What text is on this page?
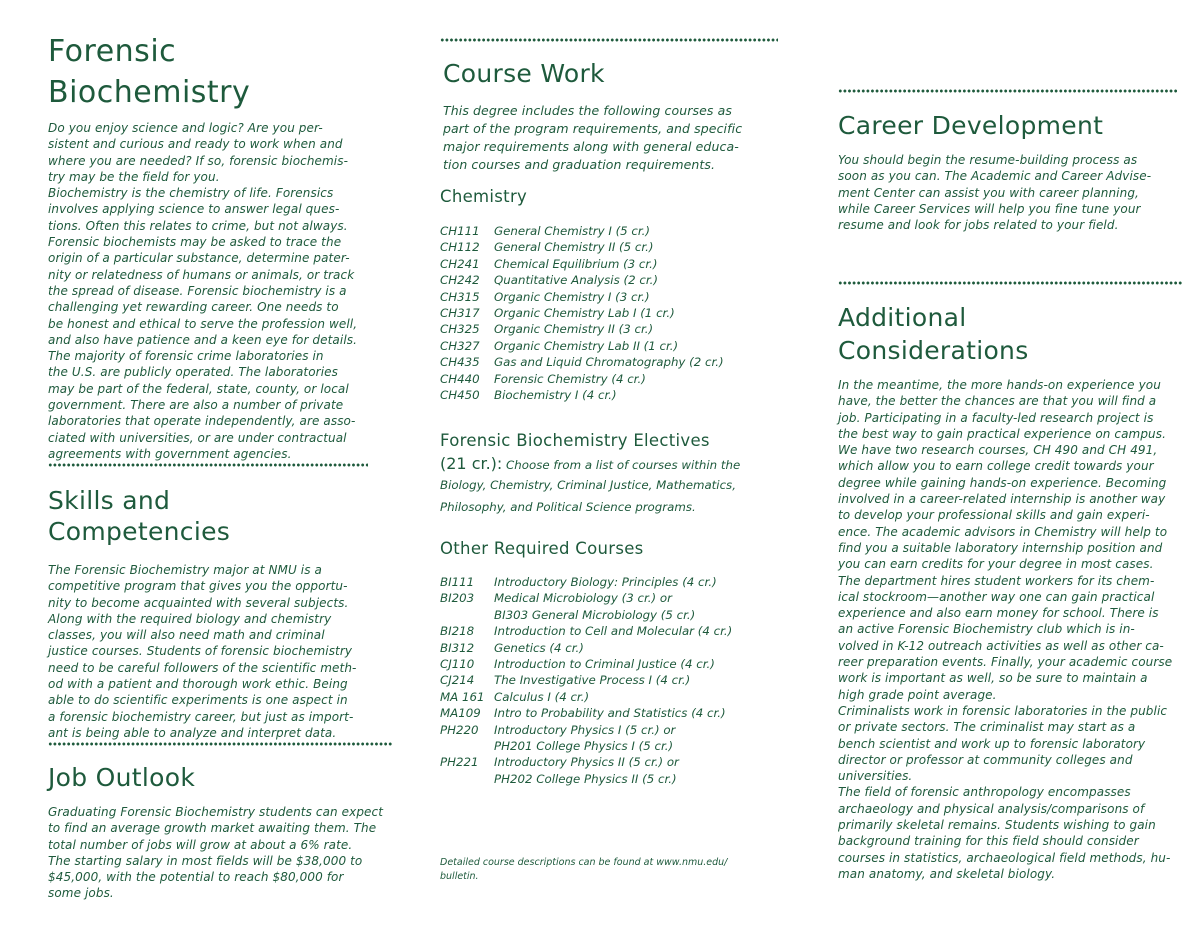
Forensic
Biochemistry
Do you enjoy science and logic? Are you per-
sistent and curious and ready to work when and
where you are needed? If so, forensic biochemis-
try may be the field for you.
Biochemistry is the chemistry of life. Forensics
involves applying science to answer legal ques-
tions. Often this relates to crime, but not always.
Forensic biochemists may be asked to trace the
origin of a particular substance, determine pater-
nity or relatedness of humans or animals, or track
the spread of disease. Forensic biochemistry is a
challenging yet rewarding career. One needs to
be honest and ethical to serve the profession well,
and also have patience and a keen eye for details.
The majority of forensic crime laboratories in
the U.S. are publicly operated. The laboratories
may be part of the federal, state, county, or local
government. There are also a number of private
laboratories that operate independently, are asso-
ciated with universities, or are under contractual
agreements with government agencies.
Skills and
Competencies
The Forensic Biochemistry major at NMU is a
competitive program that gives you the opportu-
nity to become acquainted with several subjects.
Along with the required biology and chemistry
classes, you will also need math and criminal
justice courses. Students of forensic biochemistry
need to be careful followers of the scientific meth-
od with a patient and thorough work ethic. Being
able to do scientific experiments is one aspect in
a forensic biochemistry career, but just as import-
ant is being able to analyze and interpret data.
Job Outlook
Graduating Forensic Biochemistry students can expect
to find an average growth market awaiting them. The
total number of jobs will grow at about a 6% rate.
The starting salary in most fields will be $38,000 to
$45,000, with the potential to reach $80,000 for
some jobs.
Course Work
This degree includes the following courses as
part of the program requirements, and specific
major requirements along with general educa-
tion courses and graduation requirements.
Chemistry
CH111	General Chemistry I (5 cr.)
CH112	General Chemistry II (5 cr.)
CH241	Chemical Equilibrium (3 cr.)
CH242	Quantitative Analysis (2 cr.)
CH315	Organic Chemistry I (3 cr.)
CH317	Organic Chemistry Lab I (1 cr.)
CH325	Organic Chemistry II (3 cr.)
CH327	Organic Chemistry Lab II (1 cr.)
CH435	Gas and Liquid Chromatography (2 cr.)
CH440	Forensic Chemistry (4 cr.)
CH450	Biochemistry I (4 cr.)
Forensic Biochemistry Electives
(21 cr.): Choose from a list of courses within the
Biology, Chemistry, Criminal Justice, Mathematics,
Philosophy, and Political Science programs.
Other Required Courses
BI111	Introductory Biology: Principles (4 cr.)
BI203	Medical Microbiology (3 cr.) or
BI303 General Microbiology (5 cr.)
BI218	Introduction to Cell and Molecular (4 cr.)
BI312	Genetics (4 cr.)
CJ110	Introduction to Criminal Justice (4 cr.)
CJ214	The Investigative Process I (4 cr.)
MA 161 Calculus I (4 cr.)
MA109	Intro to Probability and Statistics (4 cr.)
PH220	Introductory Physics I (5 cr.) or
PH201 College Physics I (5 cr.)
PH221	Introductory Physics II (5 cr.) or
PH202 College Physics II (5 cr.)
Detailed course descriptions can be found at www.nmu.edu/
bulletin.
Career Development
You should begin the resume-building process as
soon as you can. The Academic and Career Advise-
ment Center can assist you with career planning,
while Career Services will help you fine tune your
resume and look for jobs related to your field.
Additional
Considerations
In the meantime, the more hands-on experience you
have, the better the chances are that you will find a
job. Participating in a faculty-led research project is
the best way to gain practical experience on campus.
We have two research courses, CH 490 and CH 491,
which allow you to earn college credit towards your
degree while gaining hands-on experience. Becoming
involved in a career-related internship is another way
to develop your professional skills and gain experi-
ence. The academic advisors in Chemistry will help to
find you a suitable laboratory internship position and
you can earn credits for your degree in most cases.
The department hires student workers for its chem-
ical stockroom—another way one can gain practical
experience and also earn money for school. There is
an active Forensic Biochemistry club which is in-
volved in K-12 outreach activities as well as other ca-
reer preparation events. Finally, your academic course
work is important as well, so be sure to maintain a
high grade point average.
Criminalists work in forensic laboratories in the public
or private sectors. The criminalist may start as a
bench scientist and work up to forensic laboratory
director or professor at community colleges and
universities.
The field of forensic anthropology encompasses
archaeology and physical analysis/comparisons of
primarily skeletal remains. Students wishing to gain
background training for this field should consider
courses in statistics, archaeological field methods, hu-
man anatomy, and skeletal biology.
